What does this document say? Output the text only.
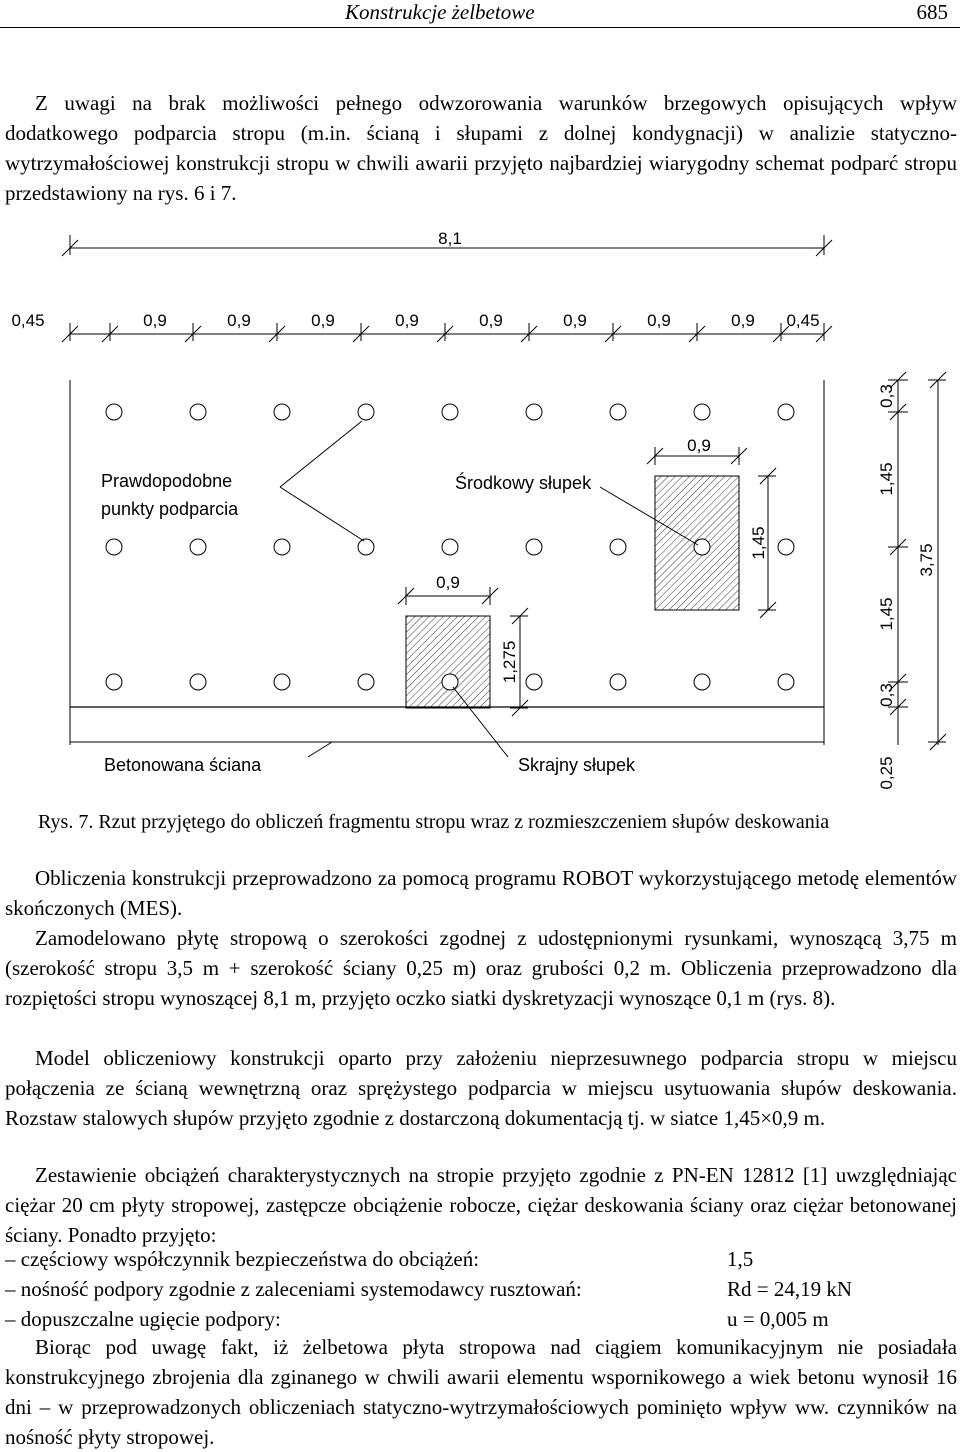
Konstrukcje żelbetowe	685

Z uwagi na brak możliwości pełnego odwzorowania warunków brzegowych opisujących wpływ dodatkowego podparcia stropu (m.in. ścianą i słupami z dolnej kondygnacji) w analizie statyczno-wytrzymałościowej konstrukcji stropu w chwili awarii przyjęto najbardziej wiarygodny schemat podparć stropu przedstawiony na rys. 6 i 7.

8,1
0,45	0,9	0,9	0,9	0,9	0,9	0,9	0,9	0,9 0,45
Prawdopodobne
punkty podparcia
Środkowy słupek
Skrajny słupek
Betonowana ściana
0,9
1,45
0,9
1,275
0,3
1,45
1,45
0,3
3,75
0,25
Rys. 7. Rzut przyjętego do obliczeń fragmentu stropu wraz z rozmieszczeniem słupów deskowania

Obliczenia konstrukcji przeprowadzono za pomocą programu ROBOT wykorzystującego metodę elementów skończonych (MES).

Zamodelowano płytę stropową o szerokości zgodnej z udostępnionymi rysunkami, wynoszącą 3,75 m (szerokość stropu 3,5 m + szerokość ściany 0,25 m) oraz grubości 0,2 m. Obliczenia przeprowadzono dla rozpiętości stropu wynoszącej 8,1 m, przyjęto oczko siatki dyskretyzacji wynoszące 0,1 m (rys. 8).

Model obliczeniowy konstrukcji oparto przy założeniu nieprzesuwnego podparcia stropu w miejscu połączenia ze ścianą wewnętrzną oraz sprężystego podparcia w miejscu usytuowania słupów deskowania. Rozstaw stalowych słupów przyjęto zgodnie z dostarczoną dokumentacją tj. w siatce 1,45×0,9 m.

Zestawienie obciążeń charakterystycznych na stropie przyjęto zgodnie z PN-EN 12812 [1] uwzględniając ciężar 20 cm płyty stropowej, zastępcze obciążenie robocze, ciężar deskowania ściany oraz ciężar betonowanej ściany. Ponadto przyjęto:

– częściowy współczynnik bezpieczeństwa do obciążeń:	1,5
– nośność podpory zgodnie z zaleceniami systemodawcy rusztowań:	Rd = 24,19 kN
– dopuszczalne ugięcie podpory:	u = 0,005 m

Biorąc pod uwagę fakt, iż żelbetowa płyta stropowa nad ciągiem komunikacyjnym nie posiadała konstrukcyjnego zbrojenia dla zginanego w chwili awarii elementu wspornikowego a wiek betonu wynosił 16 dni – w przeprowadzonych obliczeniach statyczno-wytrzymałościowych pominięto wpływ ww. czynników na nośność płyty stropowej.
